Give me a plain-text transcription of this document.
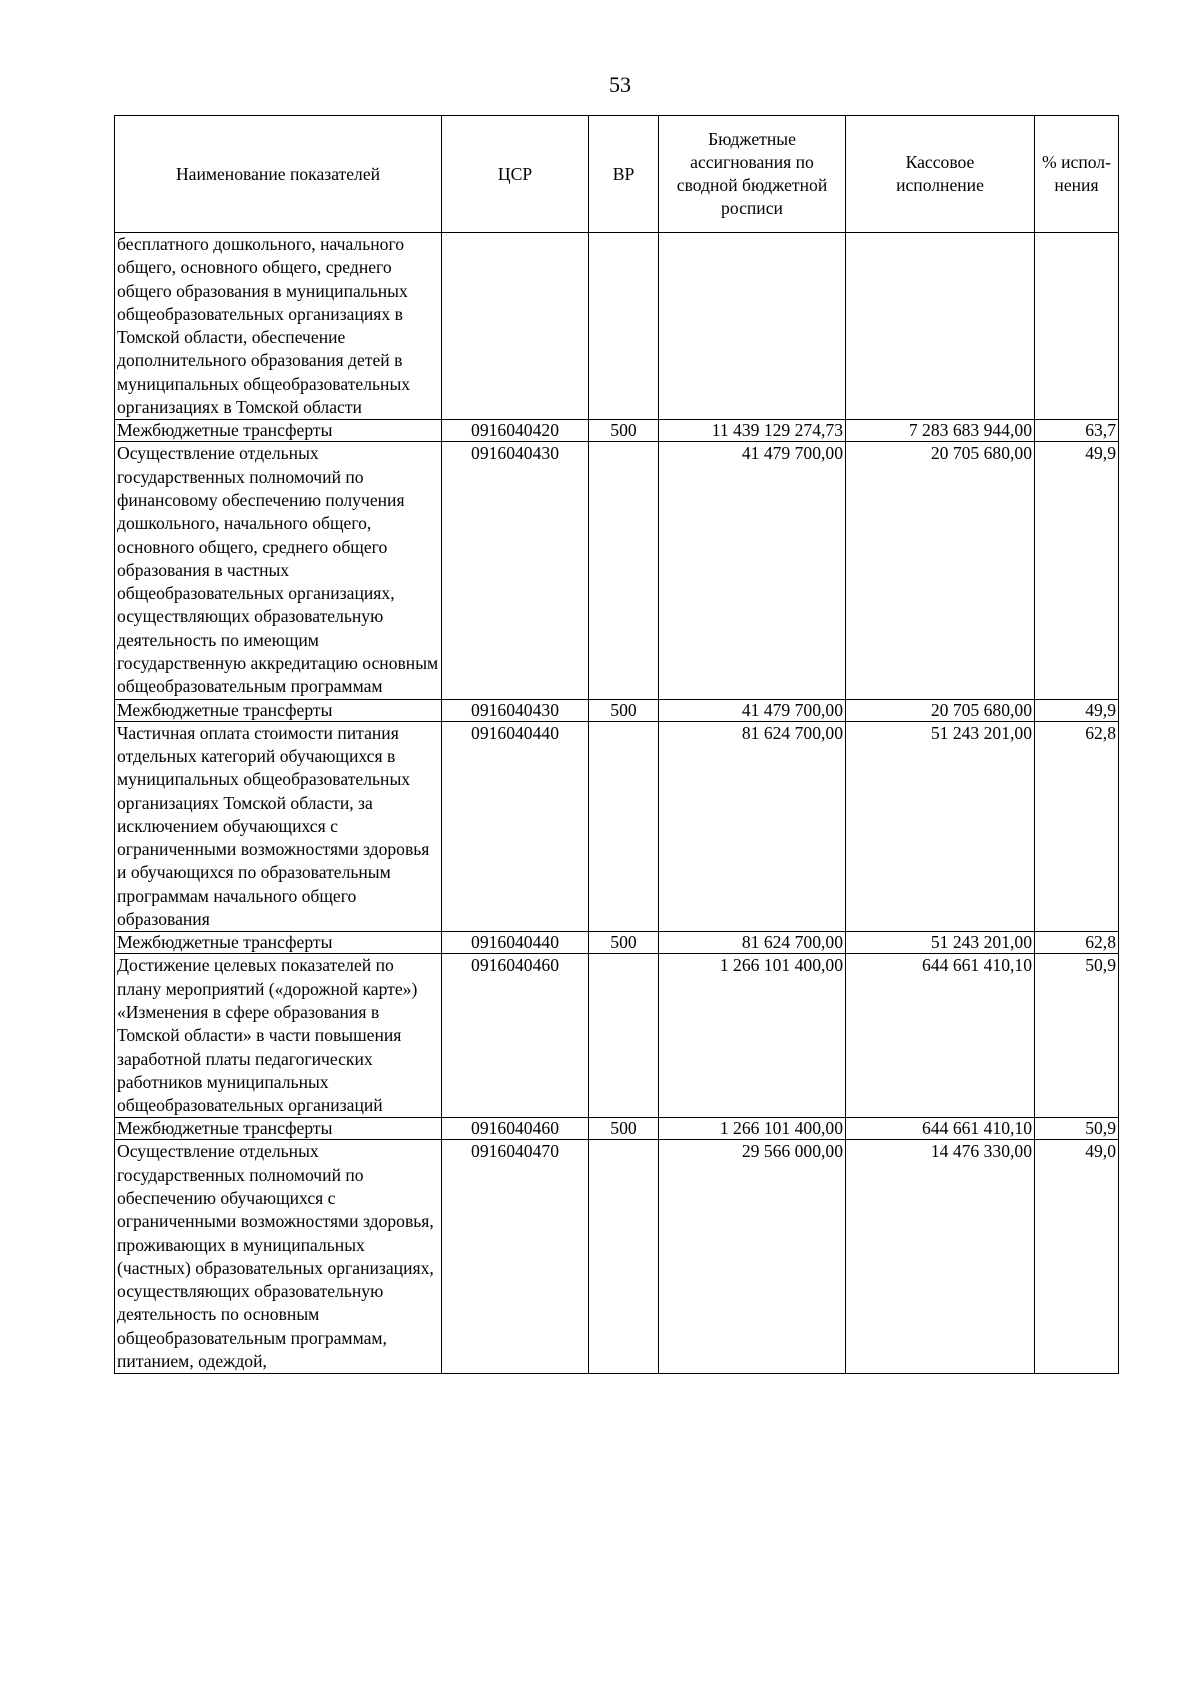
53
Наименование показателей	ЦСР	ВР	Бюджетные ассигнования по сводной бюджетной росписи	Кассовое исполнение	% испол-нения
бесплатного дошкольного, начального общего, основного общего, среднего общего образования в муниципальных общеобразовательных организациях в Томской области, обеспечение дополнительного образования детей в муниципальных общеобразовательных организациях в Томской области					
Межбюджетные трансферты	0916040420	500	11 439 129 274,73	7 283 683 944,00	63,7
Осуществление отдельных государственных полномочий по финансовому обеспечению получения дошкольного, начального общего, основного общего, среднего общего образования в частных общеобразовательных организациях, осуществляющих образовательную деятельность по имеющим государственную аккредитацию основным общеобразовательным программам	0916040430		41 479 700,00	20 705 680,00	49,9
Межбюджетные трансферты	0916040430	500	41 479 700,00	20 705 680,00	49,9
Частичная оплата стоимости питания отдельных категорий обучающихся в муниципальных общеобразовательных организациях Томской области, за исключением обучающихся с ограниченными возможностями здоровья и обучающихся по образовательным программам начального общего образования	0916040440		81 624 700,00	51 243 201,00	62,8
Межбюджетные трансферты	0916040440	500	81 624 700,00	51 243 201,00	62,8
Достижение целевых показателей по плану мероприятий («дорожной карте») «Изменения в сфере образования в Томской области» в части повышения заработной платы педагогических работников муниципальных общеобразовательных организаций	0916040460		1 266 101 400,00	644 661 410,10	50,9
Межбюджетные трансферты	0916040460	500	1 266 101 400,00	644 661 410,10	50,9
Осуществление отдельных государственных полномочий по обеспечению обучающихся с ограниченными возможностями здоровья, проживающих в муниципальных (частных) образовательных организациях, осуществляющих образовательную деятельность по основным общеобразовательным программам, питанием, одеждой,	0916040470		29 566 000,00	14 476 330,00	49,0
